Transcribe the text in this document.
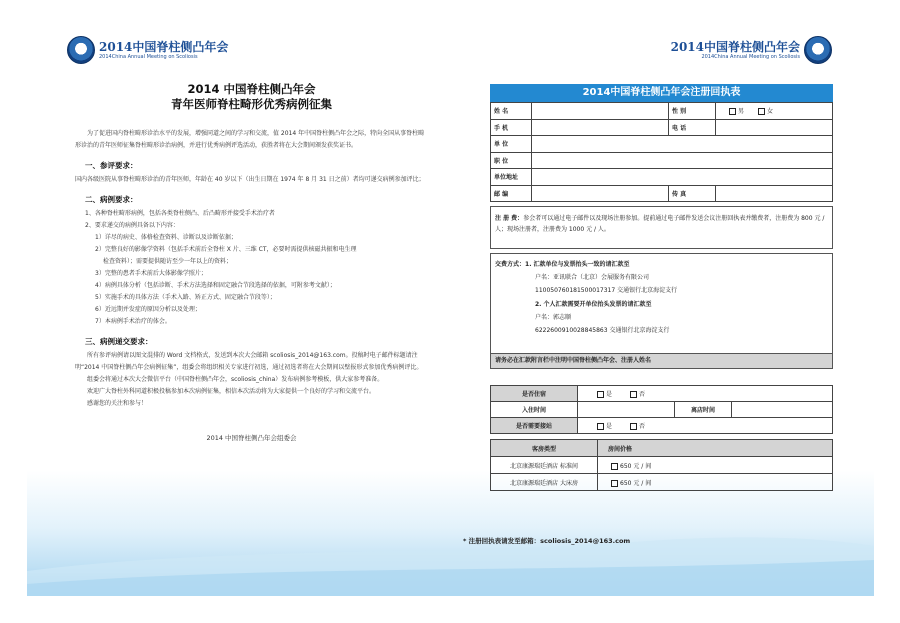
2014中国脊柱侧凸年会
2014China Annual Meeting on Scoliosis
2014中国脊柱侧凸年会
2014China Annual Meeting on Scoliosis
2014 中国脊柱侧凸年会
青年医师脊柱畸形优秀病例征集

为了促进国内脊柱畸形诊治水平的发展，增强同道之间的学习和交流，值 2014 年中国脊柱侧凸年会之际，特向全国从事脊柱畸形诊治的青年医师征集脊柱畸形诊治病例，并进行优秀病例评选活动，获胜者将在大会期间颁发获奖证书。

一、参评要求：

国内各级医院从事脊柱畸形诊治的青年医师，年龄在 40 岁以下（出生日期在 1974 年 8 月 31 日之前）者均可递交病例参加评比；

二、病例要求：
1、各种脊柱畸形病例，包括各类脊柱侧凸、后凸畸形并接受手术治疗者
2、要求递交的病例具备以下内容：
1）详尽的病史、体格检查资料、诊断以及诊断依据；
2）完整良好的影像学资料（包括手术前后全脊柱 X 片、三维 CT，必要时需提供核磁共振和电生理
检查资料）；需要提供随访至少一年以上的资料；
3）完整的患者手术前后大体影像学照片；
4）病例具体分析（包括诊断、手术方法选择和固定融合节段选择的依据，可附参考文献）；
5）实施手术的具体方法（手术入路、矫正方式、固定融合节段等）；
6）近远期并发症的原因分析以及处理；
7）本病例手术治疗的体会。
三、病例递交要求：

所有参评病例请以图文混排的 Word 文档格式，发送到本次大会邮箱 scoliosis_2014@163.com。投稿时电子邮件标题请注明“2014 中国脊柱侧凸年会病例征集”，组委会将组织相关专家进行初选，通过初选者将在大会期间以壁报形式参加优秀病例评比。

组委会将通过本次大会微信平台（中国脊柱侧凸年会，scoliosis_china）发布病例参考模板，供大家参考准备。

欢迎广大脊柱外科同道积极投稿参加本次病例征集，相信本次活动将为大家提供一个良好的学习和交流平台。

感谢您的关注和参与！

2014 中国脊柱侧凸年会组委会
2014中国脊柱侧凸年会注册回执表
姓 名		性 别	男 女
手 机		电 话	
单 位			
职 位			
单位地址			
邮 编		传 真	
注 册 费：参会者可以通过电子邮件以及现场注册参加。提前通过电子邮件发送会议注册回执表并缴费者，注册费为 800 元 / 人；现场注册者，注册费为 1000 元 / 人。
交费方式：1. 汇款单位与发票抬头一致的请汇款至
户名：亚讯联合（北京）会展服务有限公司
110050760181500017317 交通银行北京海淀支行
2. 个人汇款需要开单位抬头发票的请汇款至
户名：郭志顺
6222600910028845863 交通银行北京海淀支行
请务必在汇款附言栏中注明中国脊柱侧凸年会、注册人姓名
是否住宿	是 否		
入住时间		离店时间	
是否需要接站	是 否		
客房类型	房间价格
北京康源瑞廷酒店 标准间	650 元 / 间
北京康源瑞廷酒店 大床房	650 元 / 间
* 注册回执表请发至邮箱：scoliosis_2014@163.com
